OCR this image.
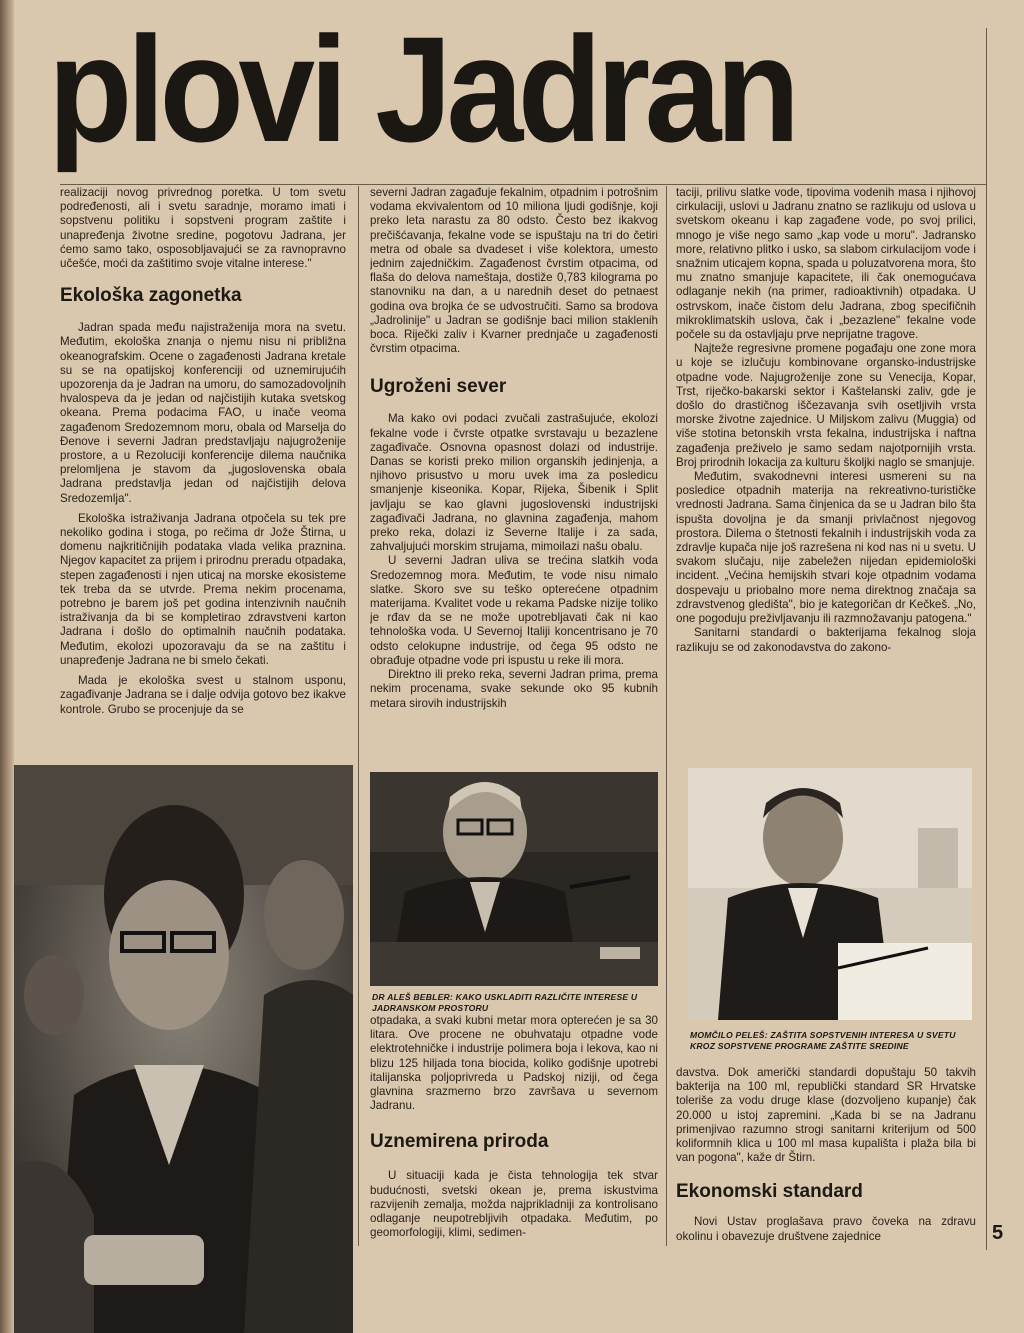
plovi Jadran

realizaciji novog privrednog poretka. U tom svetu podređenosti, ali i svetu saradnje, moramo imati i sopstvenu politiku i sopstveni program zaštite i unapređenja životne sredine, pogotovu Jadrana, jer ćemo samo tako, osposobljavajući se za ravnopravno učešće, moći da zaštitimo svoje vitalne interese."

Ekološka zagonetka

Jadran spada među najistraženija mora na svetu. Međutim, ekološka znanja o njemu nisu ni približna okeanografskim. Ocene o zagađenosti Jadrana kretale su se na opatijskoj konferenciji od uznemirujućih upozorenja da je Jadran na umoru, do samozadovoljnih hvalospeva da je jedan od najčistijih kutaka svetskog okeana. Prema podacima FAO, u inače veoma zagađenom Sredozemnom moru, obala od Marselja do Đenove i severni Jadran predstavljaju najugroženije prostore, a u Rezoluciji konferencije dilema naučnika prelomljena je stavom da „jugoslovenska obala Jadrana predstavlja jedan od najčistijih delova Sredozemlja".

Ekološka istraživanja Jadrana otpočela su tek pre nekoliko godina i stoga, po rečima dr Jože Štirna, u domenu najkritičnijih podataka vlada velika praznina. Njegov kapacitet za prijem i prirodnu preradu otpadaka, stepen zagađenosti i njen uticaj na morske ekosisteme tek treba da se utvrde. Prema nekim procenama, potrebno je barem još pet godina intenzivnih naučnih istraživanja da bi se kompletirao zdravstveni karton Jadrana i došlo do optimalnih naučnih podataka. Međutim, ekolozi upozoravaju da se na zaštitu i unapređenje Jadrana ne bi smelo čekati.

Mada je ekološka svest u stalnom usponu, zagađivanje Jadrana se i dalje odvija gotovo bez ikakve kontrole. Grubo se procenjuje da se

severni Jadran zagađuje fekalnim, otpadnim i potrošnim vodama ekvivalentom od 10 miliona ljudi godišnje, koji preko leta narastu za 80 odsto. Često bez ikakvog prečišćavanja, fekalne vode se ispuštaju na tri do četiri metra od obale sa dvadeset i više kolektora, umesto jednim zajedničkim. Zagađenost čvrstim otpacima, od flaša do delova nameštaja, dostiže 0,783 kilograma po stanovniku na dan, a u narednih deset do petnaest godina ova brojka će se udvostručiti. Samo sa brodova „Jadrolinije" u Jadran se godišnje baci milion staklenih boca. Riječki zaliv i Kvarner prednjače u zagađenosti čvrstim otpacima.

Ugroženi sever

Ma kako ovi podaci zvučali zastrašujuće, ekolozi fekalne vode i čvrste otpatke svrstavaju u bezazlene zagađivače. Osnovna opasnost dolazi od industrije. Danas se koristi preko milion organskih jedinjenja, a njihovo prisustvo u moru uvek ima za posledicu smanjenje kiseonika. Kopar, Rijeka, Šibenik i Split javljaju se kao glavni jugoslovenski industrijski zagađivači Jadrana, no glavnina zagađenja, mahom preko reka, dolazi iz Severne Italije i za sada, zahvaljujući morskim strujama, mimoilazi našu obalu.

U severni Jadran uliva se trećina slatkih voda Sredozemnog mora. Međutim, te vode nisu nimalo slatke. Skoro sve su teško opterećene otpadnim materijama. Kvalitet vode u rekama Padske nizije toliko je rđav da se ne može upotrebljavati čak ni kao tehnološka voda. U Severnoj Italiji koncentrisano je 70 odsto celokupne industrije, od čega 95 odsto ne obrađuje otpadne vode pri ispustu u reke ili mora.

Direktno ili preko reka, severni Jadran prima, prema nekim procenama, svake sekunde oko 95 kubnih metara sirovih industrijskih

taciji, prilivu slatke vode, tipovima vodenih masa i njihovoj cirkulaciji, uslovi u Jadranu znatno se razlikuju od uslova u svetskom okeanu i kap zagađene vode, po svoj prilici, mnogo je više nego samo „kap vode u moru". Jadransko more, relativno plitko i usko, sa slabom cirkulacijom vode i snažnim uticajem kopna, spada u poluzatvorena mora, što mu znatno smanjuje kapacitete, ili čak onemogućava odlaganje nekih (na primer, radioaktivnih) otpadaka. U ostrvskom, inače čistom delu Jadrana, zbog specifičnih mikroklimatskih uslova, čak i „bezazlene" fekalne vode počele su da ostavljaju prve neprijatne tragove.

Najteže regresivne promene pogađaju one zone mora u koje se izlučuju kombinovane organsko-industrijske otpadne vode. Najugroženije zone su Venecija, Kopar, Trst, riječko-bakarski sektor i Kaštelanski zaliv, gde je došlo do drastičnog iščezavanja svih osetljivih vrsta morske životne zajednice. U Miljskom zalivu (Muggia) od više stotina betonskih vrsta fekalna, industrijska i naftna zagađenja preživelo je samo sedam najotpornijih vrsta. Broj prirodnih lokacija za kulturu školjki naglo se smanjuje.

Međutim, svakodnevni interesi usmereni su na posledice otpadnih materija na rekreativno-turističke vrednosti Jadrana. Sama činjenica da se u Jadran bilo šta ispušta dovoljna je da smanji privlačnost njegovog prostora. Dilema o štetnosti fekalnih i industrijskih voda za zdravlje kupača nije još razrešena ni kod nas ni u svetu. U svakom slučaju, nije zabeležen nijedan epidemiološki incident. „Većina hemijskih stvari koje otpadnim vodama dospevaju u priobalno more nema direktnog značaja sa zdravstvenog gledišta", bio je kategoričan dr Kečkeš. „No, one pogoduju preživljavanju ili razmnožavanju patogena."

Sanitarni standardi o bakterijama fekalnog sloja razlikuju se od zakonodavstva do zakono-

DR ALEŠ BEBLER: KAKO USKLADITI RAZLIČITE INTERESE U JADRANSKOM PROSTORU

otpadaka, a svaki kubni metar mora opterećen je sa 30 litara. Ove procene ne obuhvataju otpadne vode elektrotehničke i industrije polimera boja i lekova, kao ni blizu 125 hiljada tona biocida, koliko godišnje upotrebi italijanska poljoprivreda u Padskoj niziji, od čega glavnina srazmerno brzo završava u severnom Jadranu.

Uznemirena priroda

U situaciji kada je čista tehnologija tek stvar budućnosti, svetski okean je, prema iskustvima razvijenih zemalja, možda najprikladniji za kontrolisano odlaganje neupotrebljivih otpadaka. Međutim, po geomorfologiji, klimi, sedimen-

MOMČILO PELEŠ: ZAŠTITA SOPSTVENIH INTERESA U SVETU KROZ SOPSTVENE PROGRAME ZAŠTITE SREDINE

davstva. Dok američki standardi dopuštaju 50 takvih bakterija na 100 ml, republički standard SR Hrvatske toleriše za vodu druge klase (dozvoljeno kupanje) čak 20.000 u istoj zapremini. „Kada bi se na Jadranu primenjivao razumno strogi sanitarni kriterijum od 500 koliformnih klica u 100 ml masa kupališta i plaža bila bi van pogona", kaže dr Štirn.

Ekonomski standard

Novi Ustav proglašava pravo čoveka na zdravu okolinu i obavezuje društvene zajednice	5
